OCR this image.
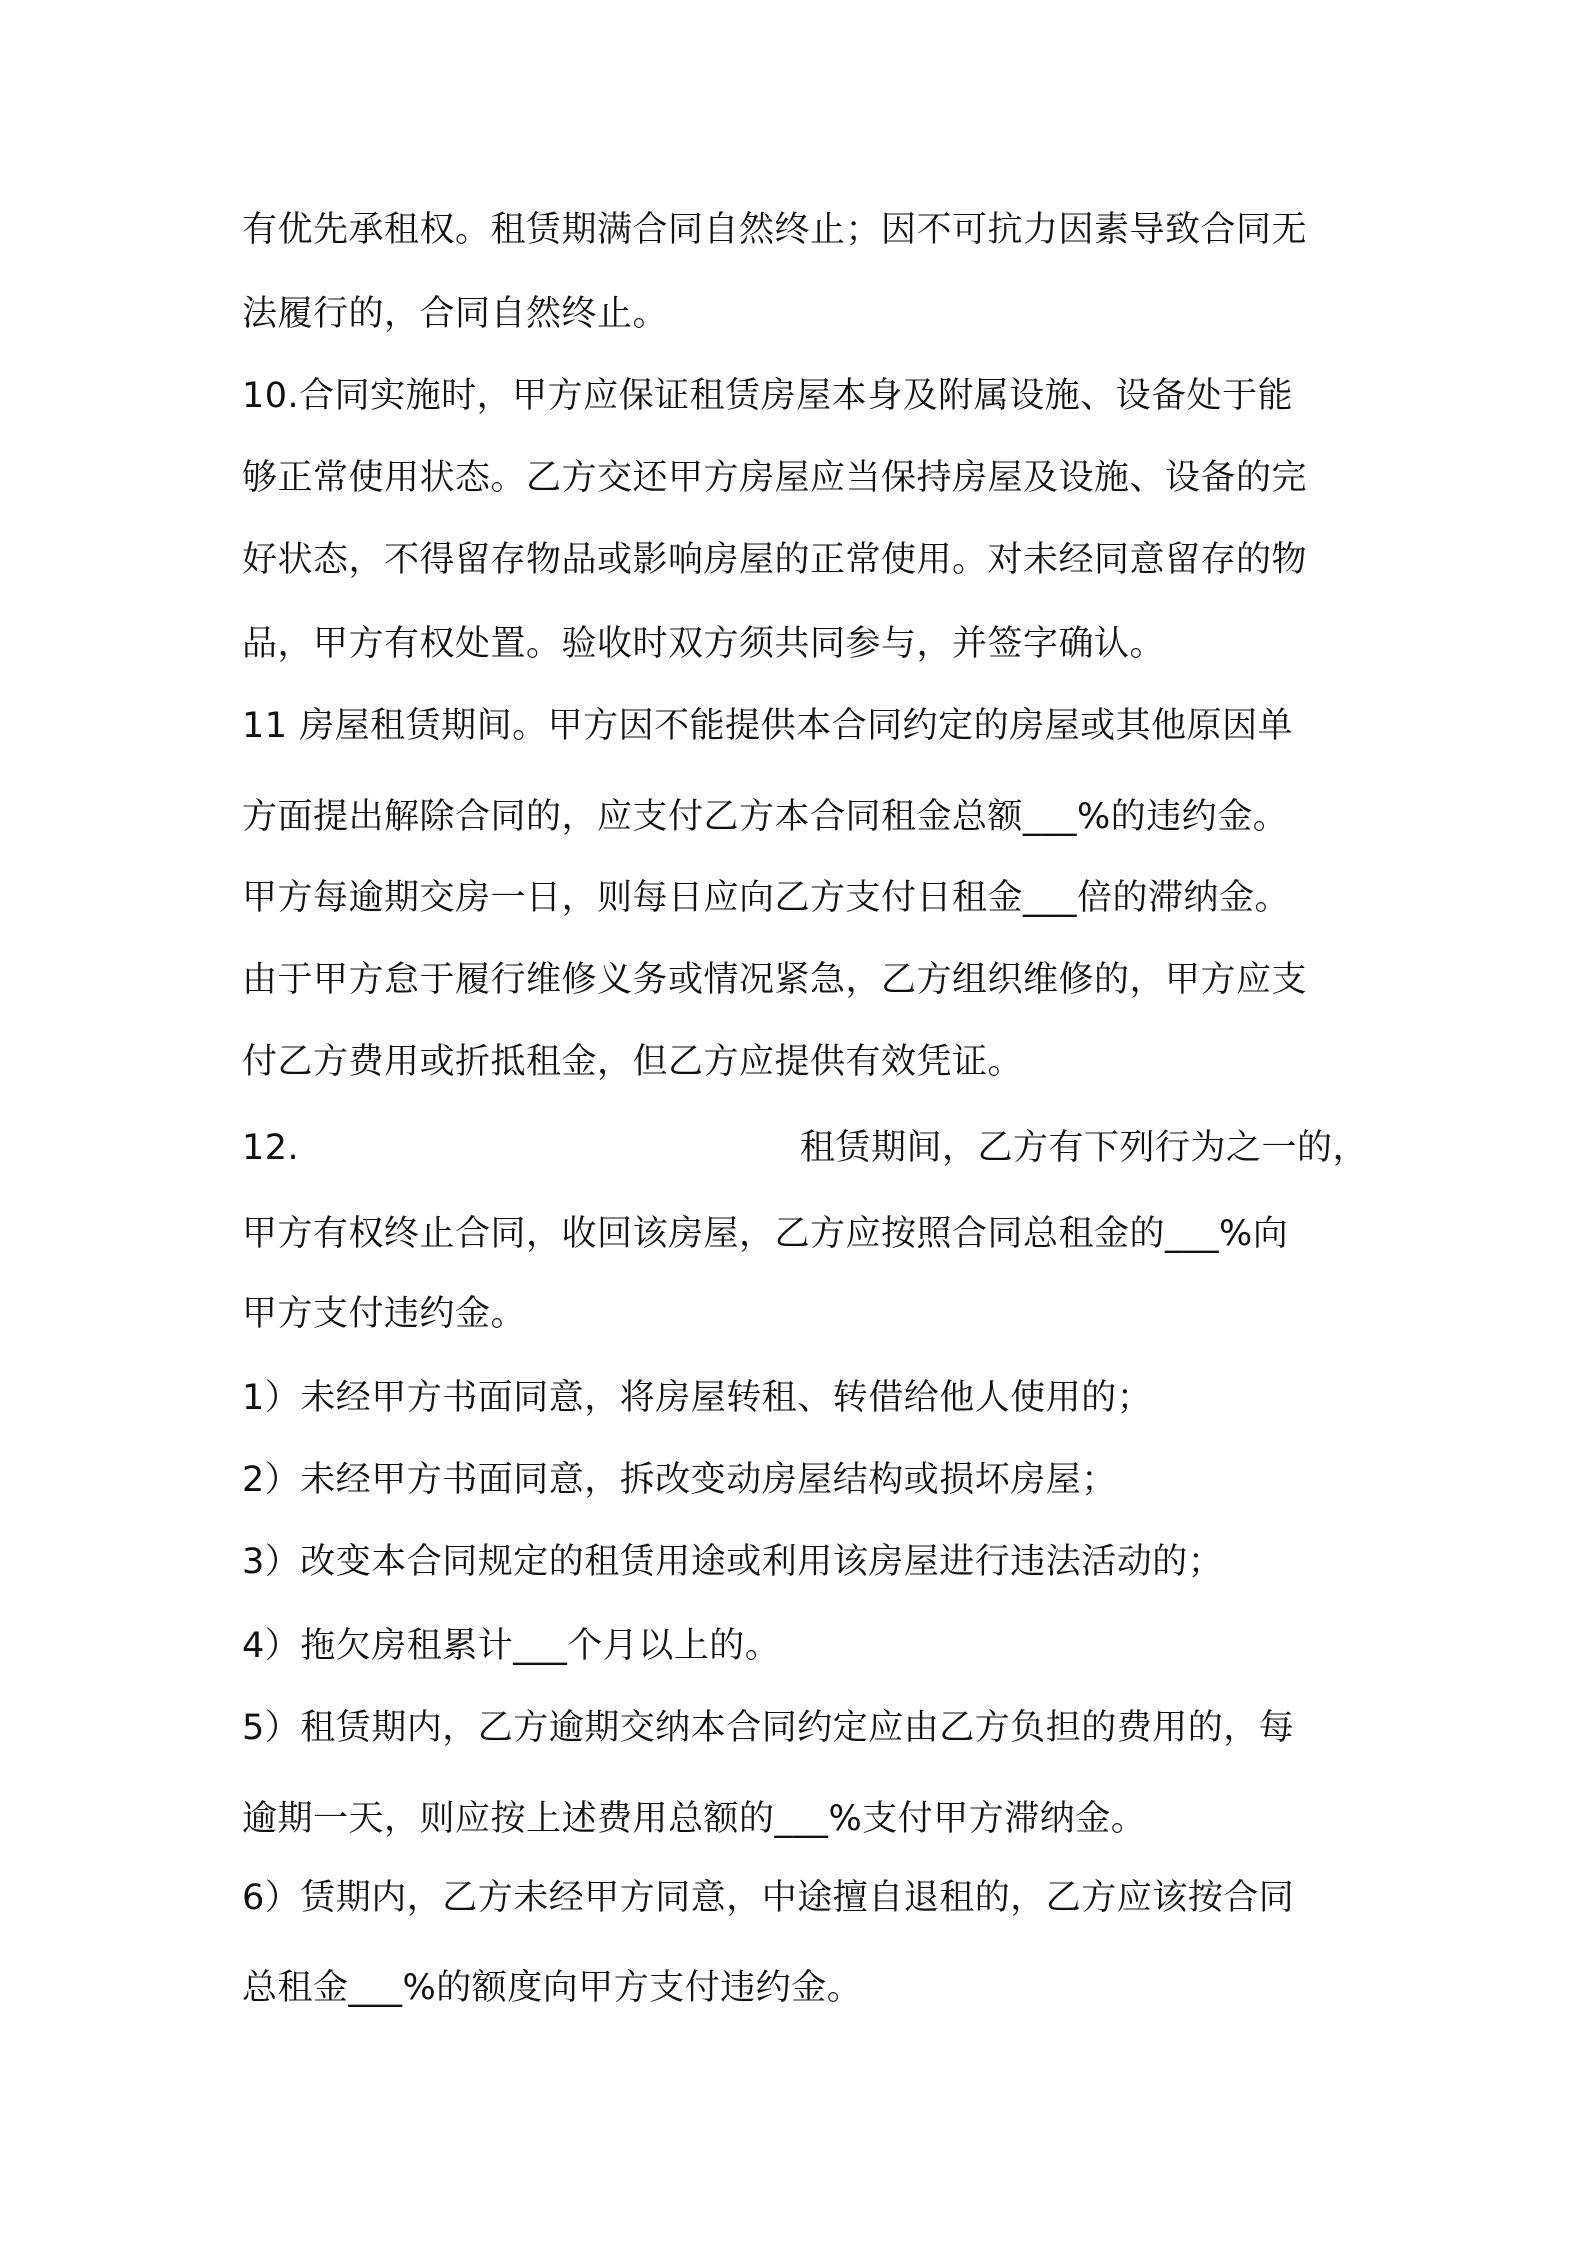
有优先承租权。租赁期满合同自然终止；因不可抗力因素导致合同无
法履行的，合同自然终止。
10.合同实施时，甲方应保证租赁房屋本身及附属设施、设备处于能
够正常使用状态。乙方交还甲方房屋应当保持房屋及设施、设备的完
好状态，不得留存物品或影响房屋的正常使用。对未经同意留存的物
品，甲方有权处置。验收时双方须共同参与，并签字确认。
11 房屋租赁期间。甲方因不能提供本合同约定的房屋或其他原因单
方面提出解除合同的，应支付乙方本合同租金总额___%的违约金。
甲方每逾期交房一日，则每日应向乙方支付日租金___倍的滞纳金。
由于甲方怠于履行维修义务或情况紧急，乙方组织维修的，甲方应支
付乙方费用或折抵租金，但乙方应提供有效凭证。
12.	租赁期间，乙方有下列行为之一的，
甲方有权终止合同，收回该房屋，乙方应按照合同总租金的___%向
甲方支付违约金。
1）未经甲方书面同意，将房屋转租、转借给他人使用的；
2）未经甲方书面同意，拆改变动房屋结构或损坏房屋；
3）改变本合同规定的租赁用途或利用该房屋进行违法活动的；
4）拖欠房租累计___个月以上的。
5）租赁期内，乙方逾期交纳本合同约定应由乙方负担的费用的，每
逾期一天，则应按上述费用总额的___%支付甲方滞纳金。
6）赁期内，乙方未经甲方同意，中途擅自退租的，乙方应该按合同
总租金___%的额度向甲方支付违约金。
